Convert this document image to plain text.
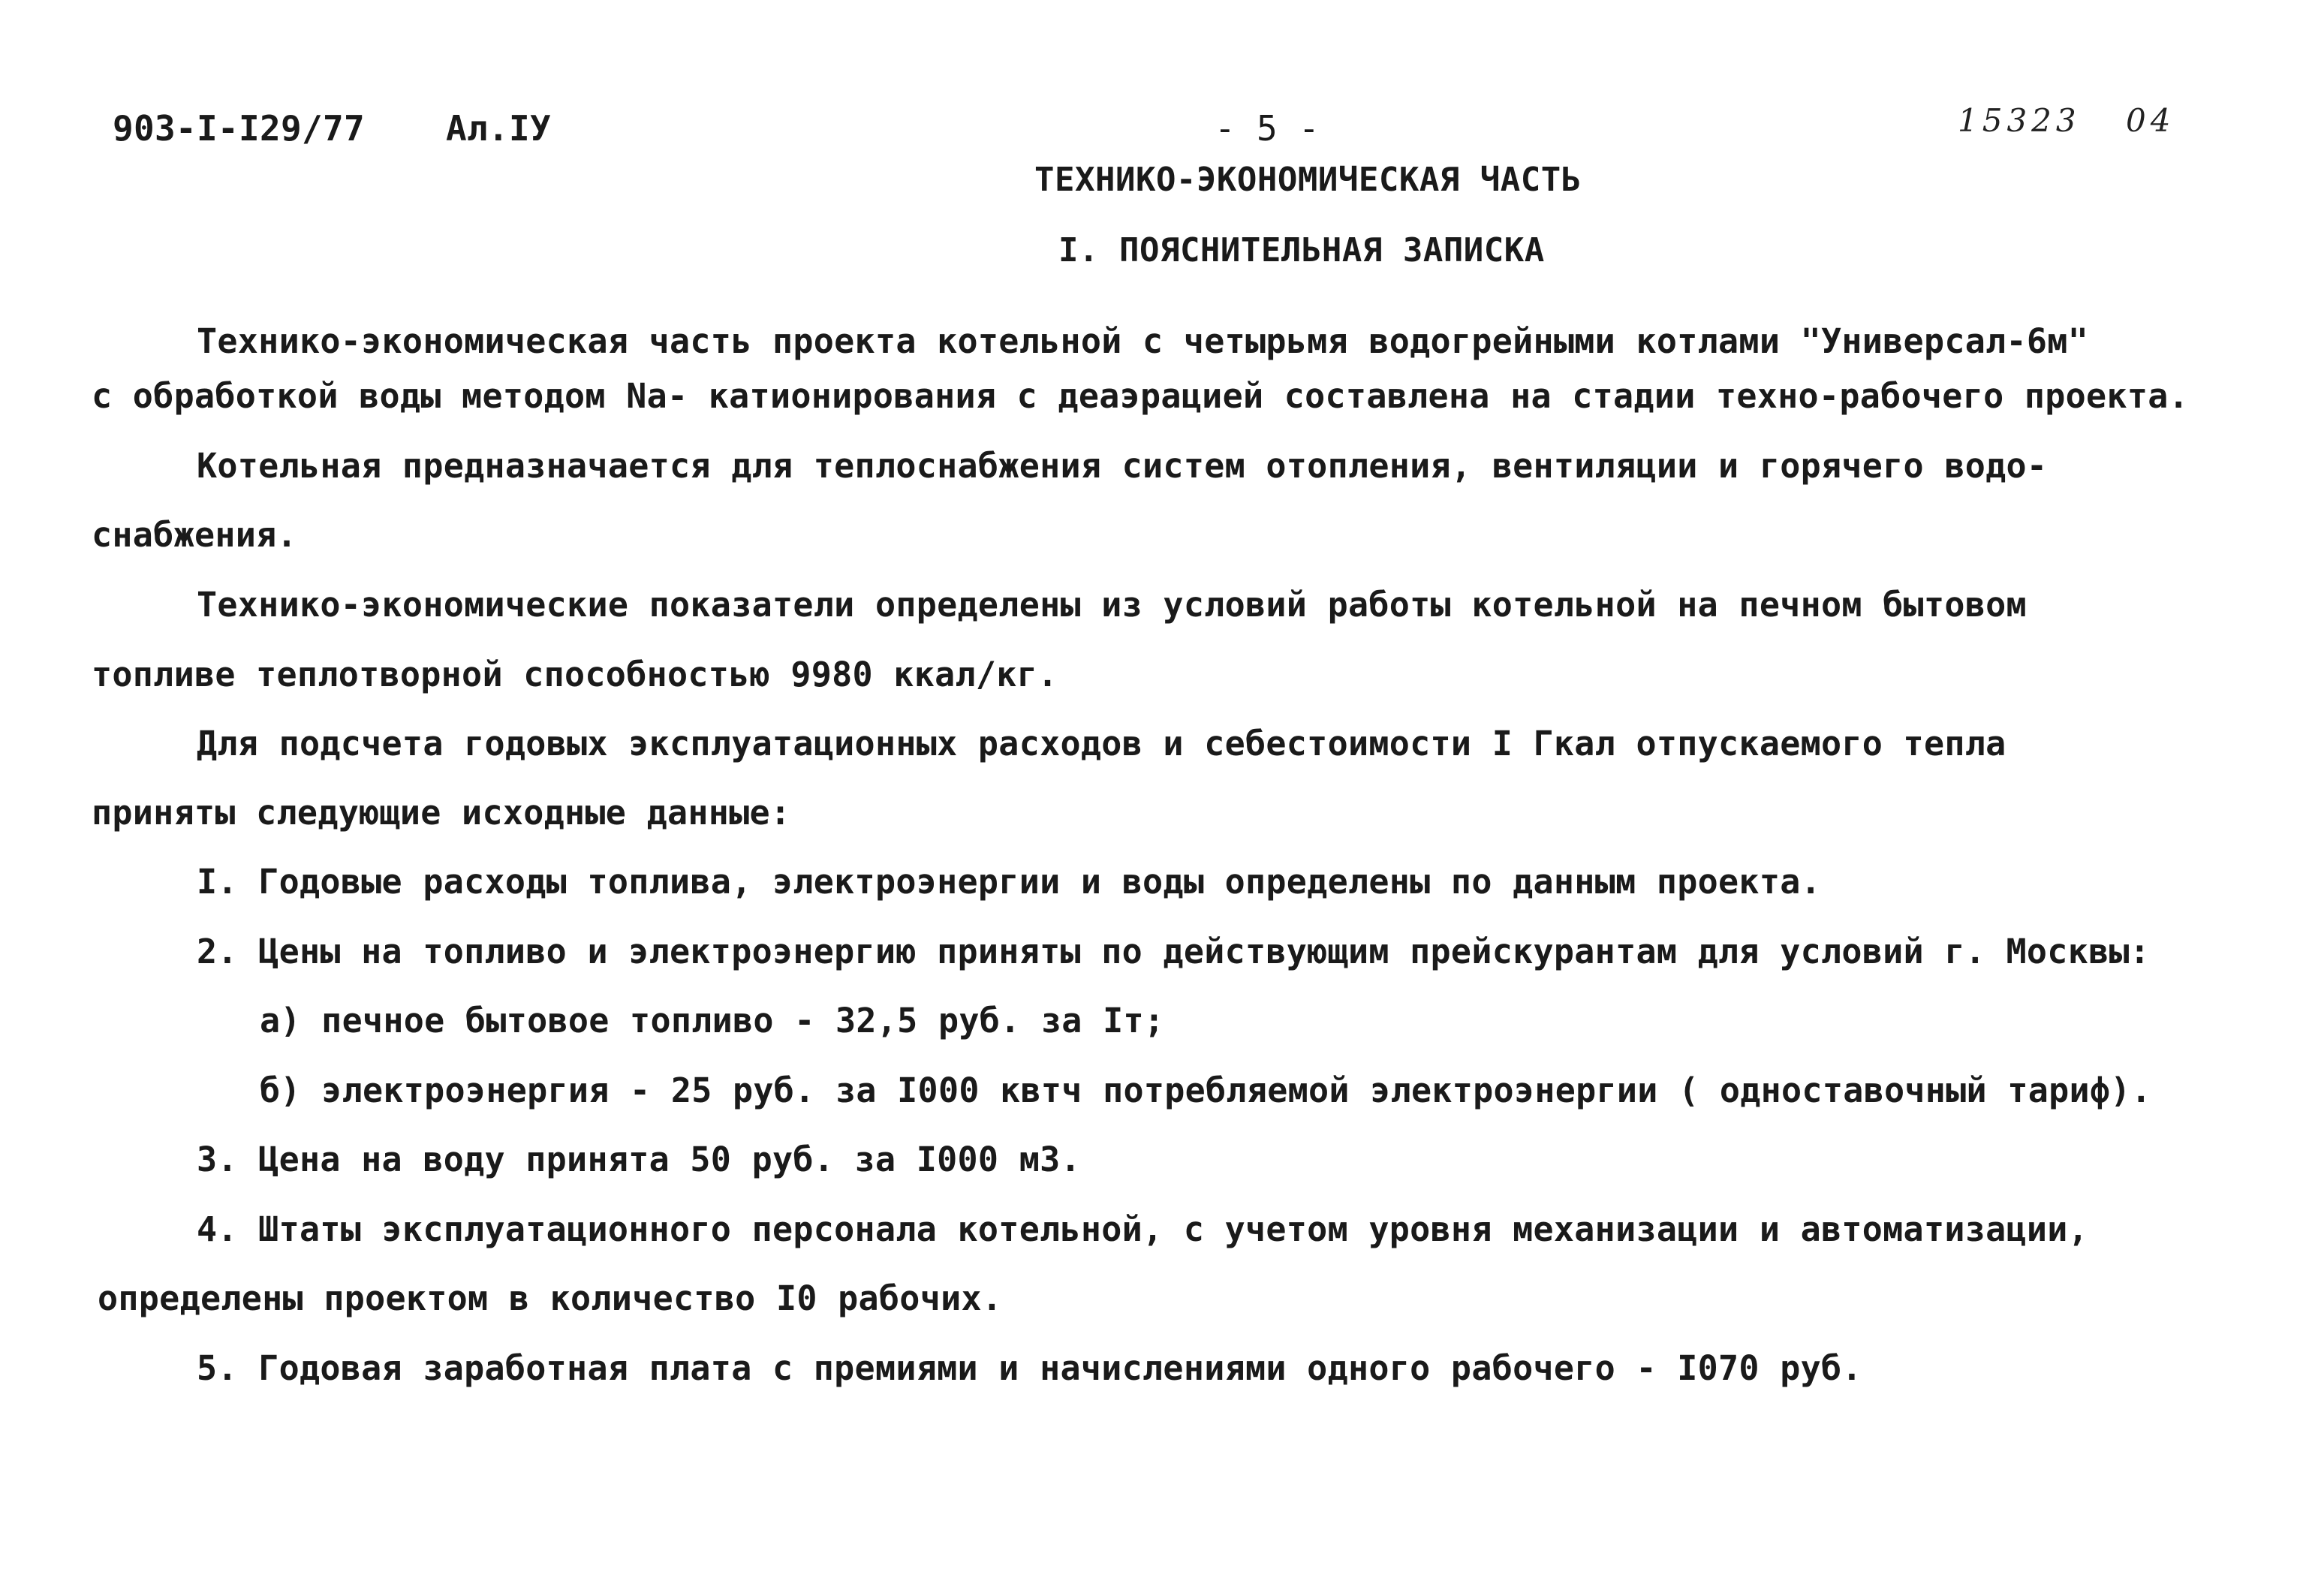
903-I-I29/77 Ал.IУ	- 5 -	15323 04
ТЕХНИКО-ЭКОНОМИЧЕСКАЯ ЧАСТЬ
I. ПОЯСНИТЕЛЬНАЯ ЗАПИСКА
Технико-экономическая часть проекта котельной с четырьмя водогрейными котлами "Универсал-6м"
с обработкой воды методом Na- катионирования с деаэрацией составлена на стадии техно-рабочего проекта.
Котельная предназначается для теплоснабжения систем отопления, вентиляции и горячего водо-
снабжения.
Технико-экономические показатели определены из условий работы котельной на печном бытовом
топливе теплотворной способностью 9980 ккал/кг.
Для подсчета годовых эксплуатационных расходов и себестоимости I Гкал отпускаемого тепла
приняты следующие исходные данные:
I. Годовые расходы топлива, электроэнергии и воды определены по данным проекта.
2. Цены на топливо и электроэнергию приняты по действующим прейскурантам для условий г. Москвы:
а) печное бытовое топливо - 32,5 руб. за Iт;
б) электроэнергия - 25 руб. за I000 квтч потребляемой электроэнергии ( одноставочный тариф).
3. Цена на воду принята 50 руб. за I000 м3.
4. Штаты эксплуатационного персонала котельной, с учетом уровня механизации и автоматизации,
определены проектом в количество I0 рабочих.
5. Годовая заработная плата с премиями и начислениями одного рабочего - I070 руб.
